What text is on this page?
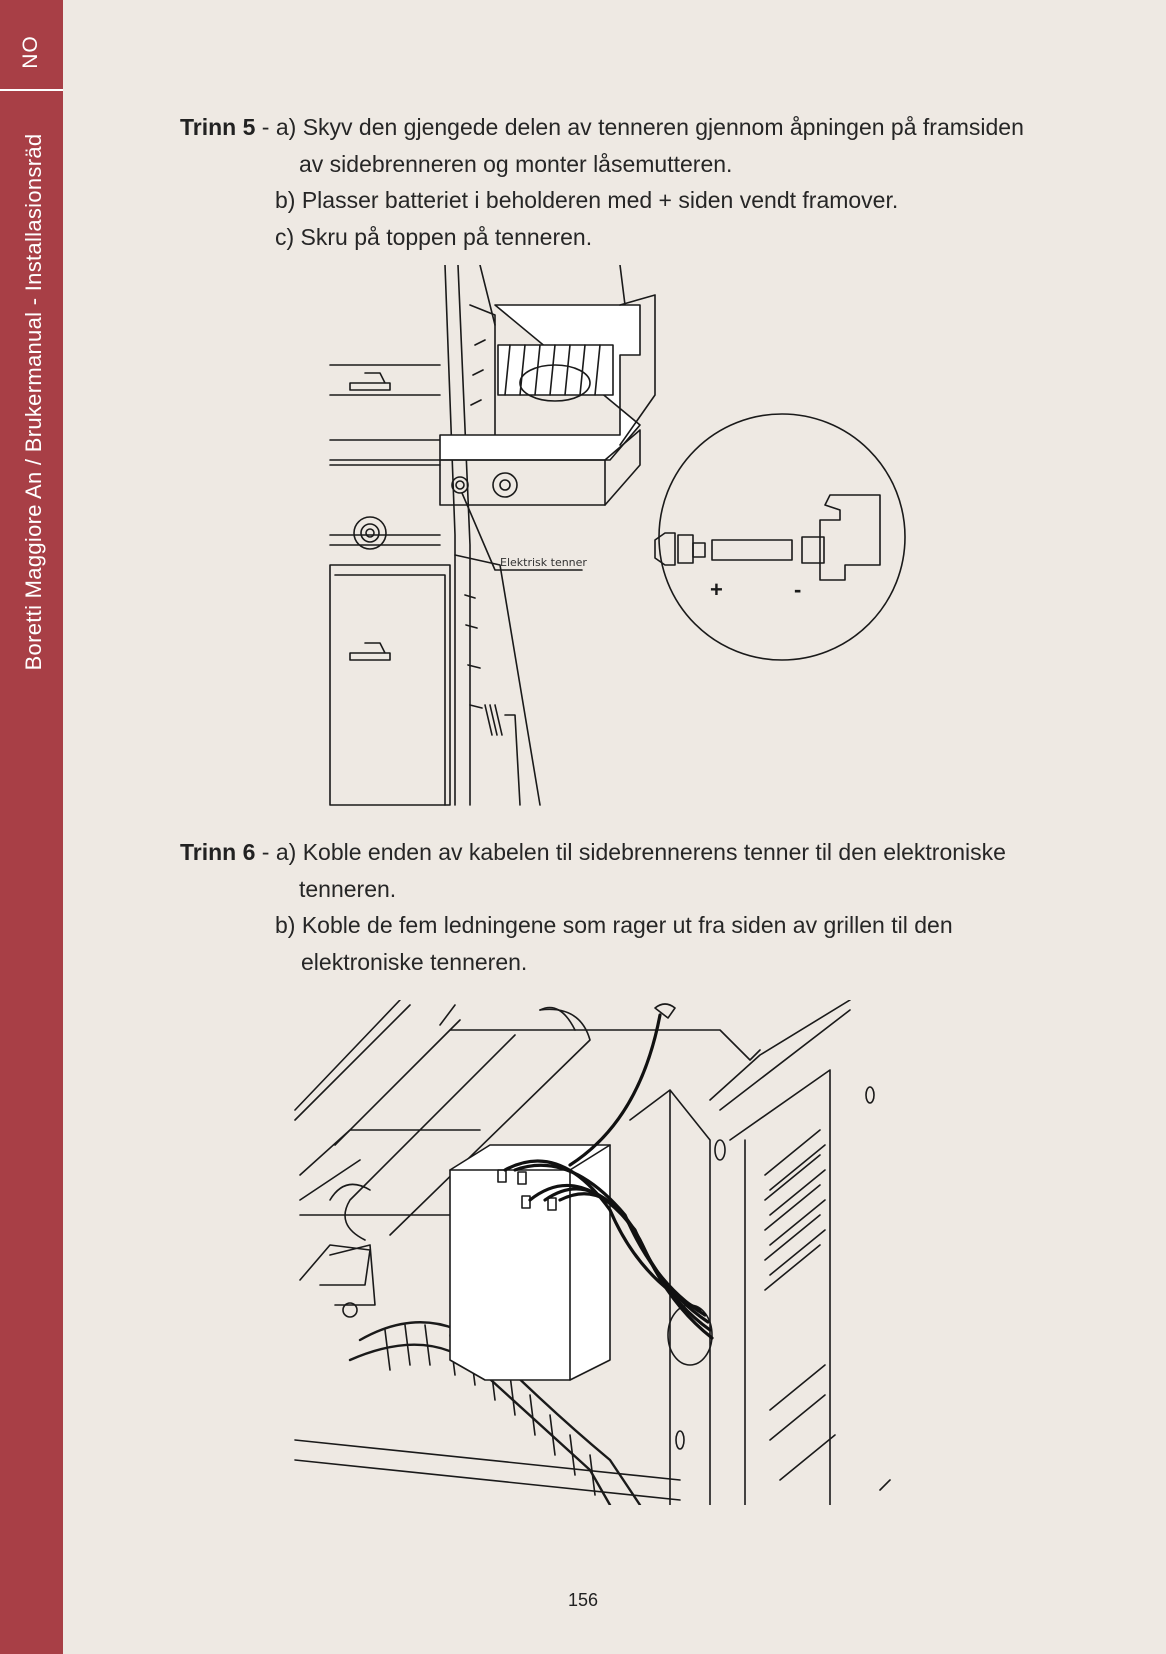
NO
Boretti Maggiore An / Brukermanual - Installasionsräd
Trinn 5 - a) Skyv den gjengede delen av tenneren gjennom åpningen på framsiden
av sidebrenneren og monter låsemutteren.
b) Plasser batteriet i beholderen med + siden vendt framover.
c) Skru på toppen på tenneren.
Elektrisk tenner
+	-
Trinn 6 - a) Koble enden av kabelen til sidebrennerens tenner til den elektroniske
tenneren.
b) Koble de fem ledningene som rager ut fra siden av grillen til den
elektroniske tenneren.
156
